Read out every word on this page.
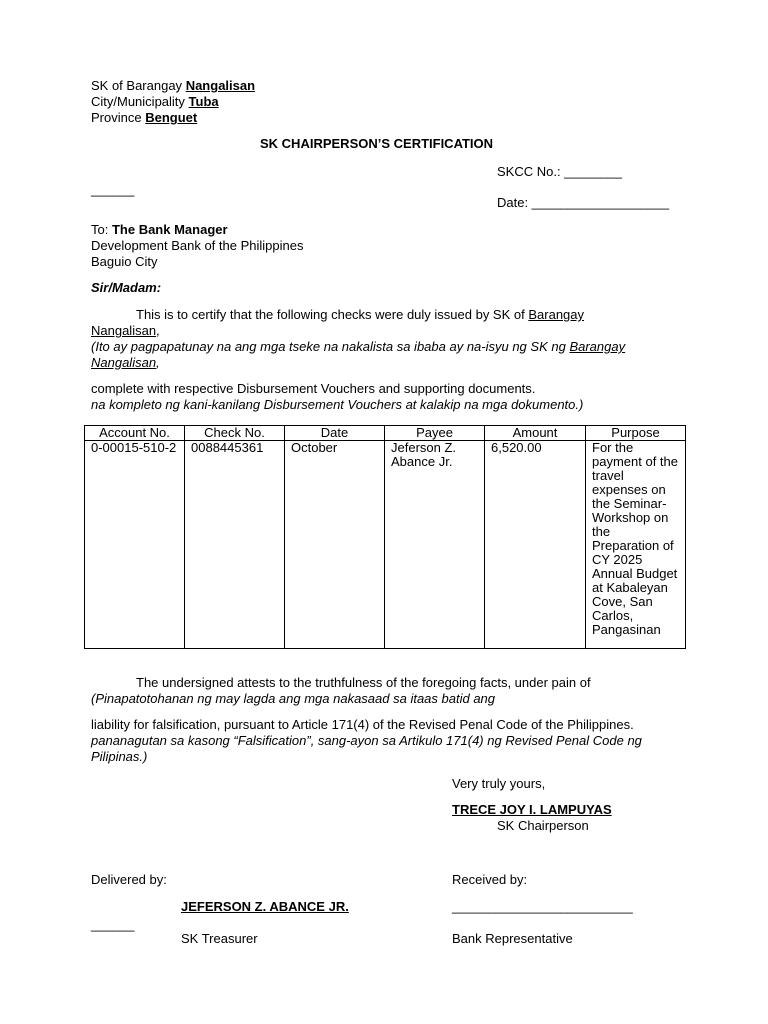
SK of Barangay Nangalisan
City/Municipality Tuba
Province Benguet
SK CHAIRPERSON’S CERTIFICATION
SKCC No.: ________
______
Date: ___________________
To: The Bank Manager
Development Bank of the Philippines
Baguio City
Sir/Madam:
This is to certify that the following checks were duly issued by SK of Barangay
Nangalisan,
(Ito ay pagpapatunay na ang mga tseke na nakalista sa ibaba ay na-isyu ng SK ng Barangay
Nangalisan,
complete with respective Disbursement Vouchers and supporting documents.
na kompleto ng kani-kanilang Disbursement Vouchers at kalakip na mga dokumento.)
Account No.	Check No.	Date	Payee	Amount	Purpose
0-00015-510-2	0088445361	October	Jeferson Z. Abance Jr.	6,520.00	For the payment of the travel expenses on the Seminar-Workshop on the Preparation of CY 2025 Annual Budget at Kabaleyan Cove, San Carlos, Pangasinan
The undersigned attests to the truthfulness of the foregoing facts, under pain of
(Pinapatotohanan ng may lagda ang mga nakasaad sa itaas batid ang
liability for falsification, pursuant to Article 171(4) of the Revised Penal Code of the Philippines.
pananagutan sa kasong “Falsification”, sang-ayon sa Artikulo 171(4) ng Revised Penal Code ng
Pilipinas.)
Very truly yours,
TRECE JOY I. LAMPUYAS
SK Chairperson
Delivered by:	Received by:
JEFERSON Z. ABANCE JR.	_________________________
______
SK Treasurer	Bank Representative
